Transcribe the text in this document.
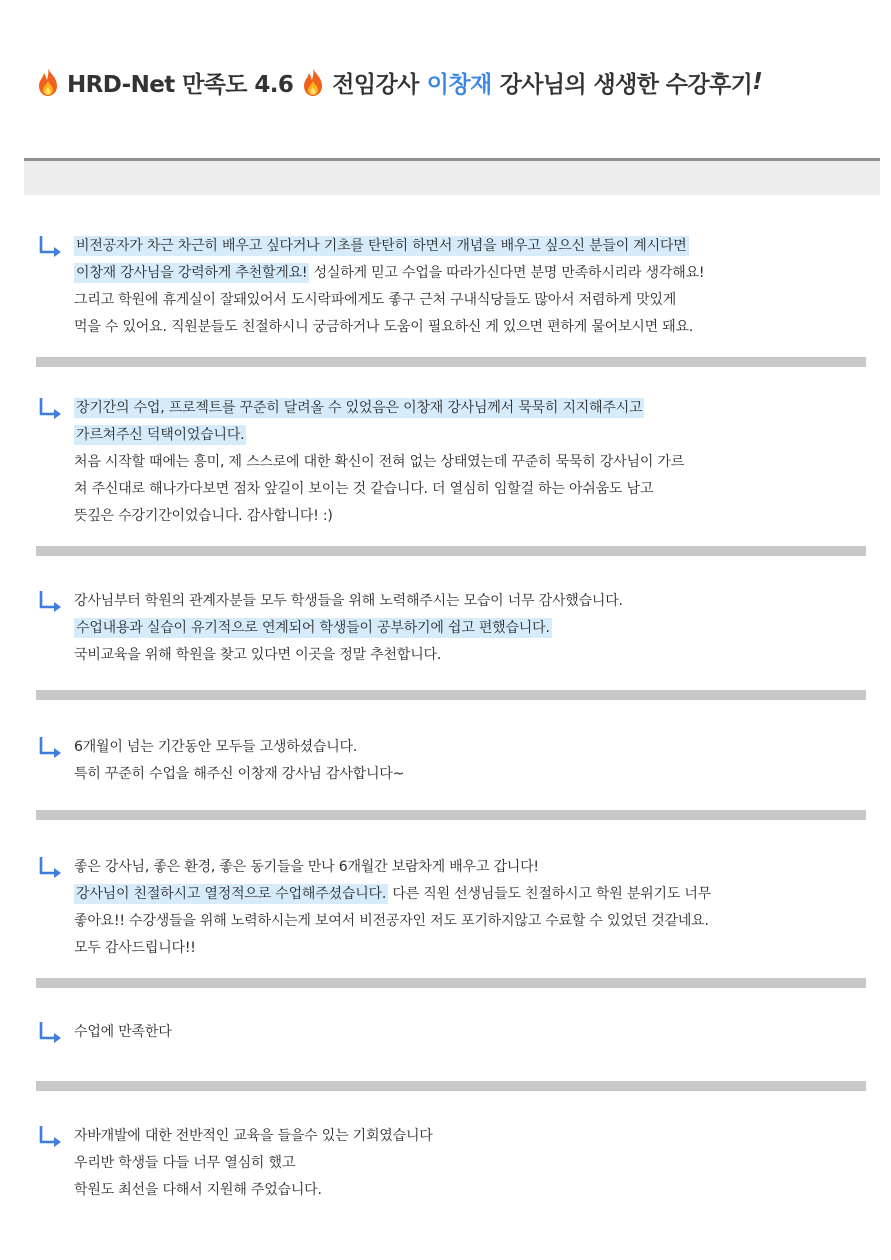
HRD-Net 만족도 4.6 전임강사 이창재 강사님의 생생한 수강후기 !
비전공자가 차근 차근히 배우고 싶다거나 기초를 탄탄히 하면서 개념을 배우고 싶으신 분들이 계시다면
이창재 강사님을 강력하게 추천할게요! 성실하게 믿고 수업을 따라가신다면 분명 만족하시리라 생각해요!
그리고 학원에 휴게실이 잘돼있어서 도시락파에게도 좋구 근처 구내식당들도 많아서 저렴하게 맛있게
먹을 수 있어요. 직원분들도 친절하시니 궁금하거나 도움이 필요하신 게 있으면 편하게 물어보시면 돼요.
장기간의 수업, 프로젝트를 꾸준히 달려올 수 있었음은 이창재 강사님께서 묵묵히 지지해주시고
가르쳐주신 덕택이었습니다.
처음 시작할 때에는 흥미, 제 스스로에 대한 확신이 전혀 없는 상태였는데 꾸준히 묵묵히 강사님이 가르
쳐 주신대로 해나가다보면 점차 앞길이 보이는 것 같습니다. 더 열심히 임할걸 하는 아쉬움도 남고
뜻깊은 수강기간이었습니다. 감사합니다! :)
강사님부터 학원의 관계자분들 모두 학생들을 위해 노력해주시는 모습이 너무 감사했습니다.
수업내용과 실습이 유기적으로 연계되어 학생들이 공부하기에 쉽고 편했습니다.
국비교육을 위해 학원을 찾고 있다면 이곳을 정말 추천합니다.
6개월이 넘는 기간동안 모두들 고생하셨습니다.
특히 꾸준히 수업을 해주신 이창재 강사님 감사합니다~
좋은 강사님, 좋은 환경, 좋은 동기들을 만나 6개월간 보람차게 배우고 갑니다!
강사님이 친절하시고 열정적으로 수업해주셨습니다. 다른 직원 선생님들도 친절하시고 학원 분위기도 너무
좋아요!! 수강생들을 위해 노력하시는게 보여서 비전공자인 저도 포기하지않고 수료할 수 있었던 것같네요.
모두 감사드립니다!!
수업에 만족한다
자바개발에 대한 전반적인 교육을 들을수 있는 기회였습니다
우리반 학생들 다들 너무 열심히 했고
학원도 최선을 다해서 지원해 주었습니다.
